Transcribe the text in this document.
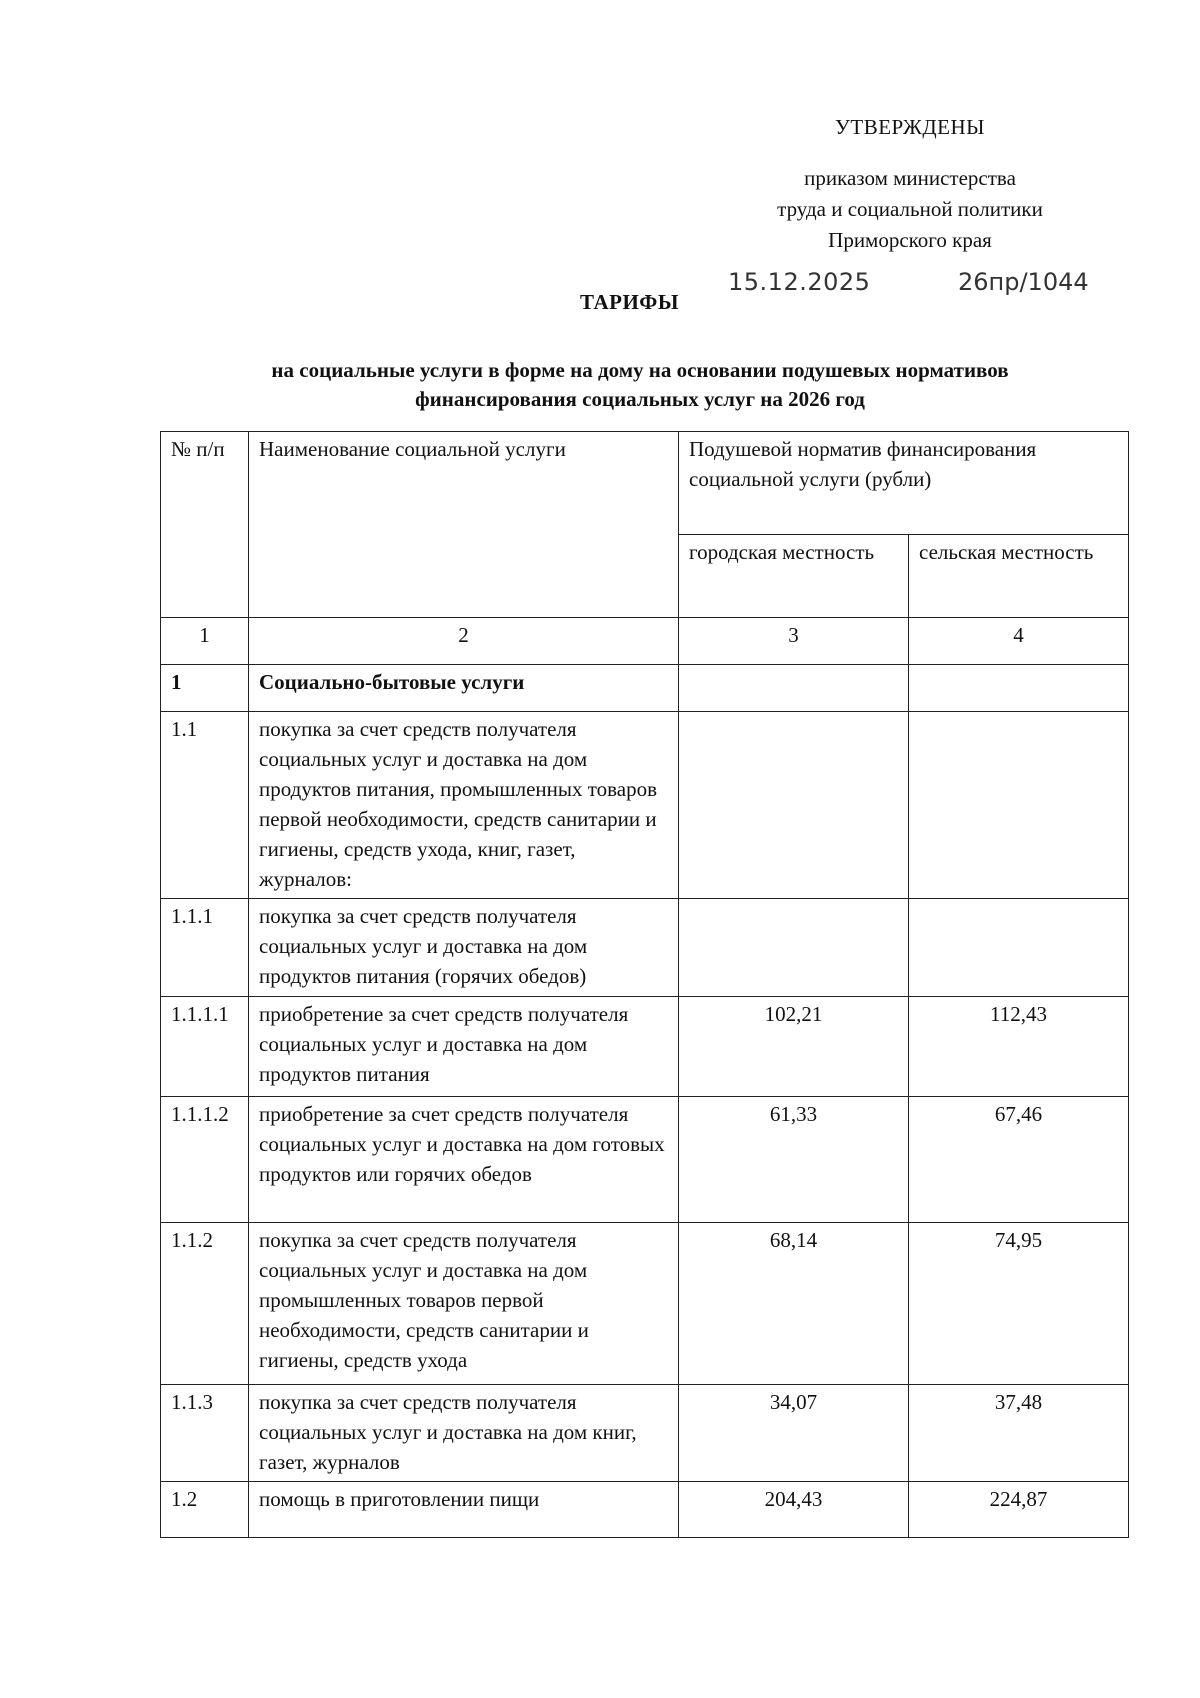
УТВЕРЖДЕНЫ
приказом министерства
труда и социальной политики
Приморского края
15.12.2025	26пр/1044
ТАРИФЫ
на социальные услуги в форме на дому на основании подушевых нормативов
финансирования социальных услуг на 2026 год
№ п/п	Наименование социальной услуги	Подушевой норматив финансирования социальной услуги (рубли)	
		городская местность	сельская местность
1	2	3	4
1	Социально-бытовые услуги		
1.1	покупка за счет средств получателя социальных услуг и доставка на дом продуктов питания, промышленных товаров первой необходимости, средств санитарии и гигиены, средств ухода, книг, газет, журналов:		
1.1.1	покупка за счет средств получателя социальных услуг и доставка на дом продуктов питания (горячих обедов)		
1.1.1.1	приобретение за счет средств получателя социальных услуг и доставка на дом продуктов питания	102,21	112,43
1.1.1.2	приобретение за счет средств получателя социальных услуг и доставка на дом готовых продуктов или горячих обедов	61,33	67,46
1.1.2	покупка за счет средств получателя социальных услуг и доставка на дом промышленных товаров первой необходимости, средств санитарии и гигиены, средств ухода	68,14	74,95
1.1.3	покупка за счет средств получателя социальных услуг и доставка на дом книг, газет, журналов	34,07	37,48
1.2	помощь в приготовлении пищи	204,43	224,87
